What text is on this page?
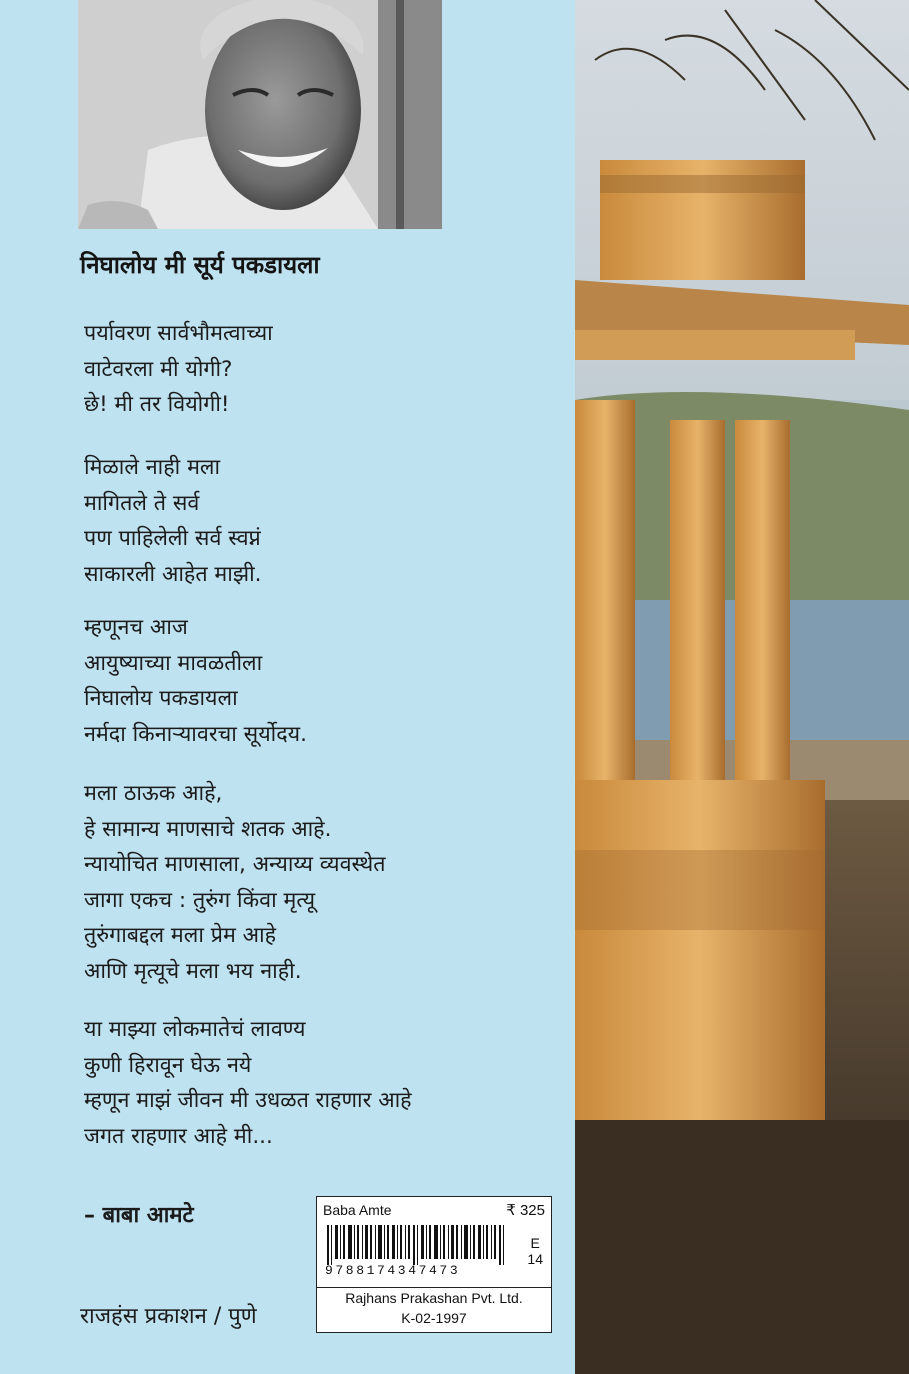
निघालोय मी सूर्य पकडायला
पर्यावरण सार्वभौमत्वाच्या
वाटेवरला मी योगी?
छे! मी तर वियोगी!
मिळाले नाही मला
मागितले ते सर्व
पण पाहिलेली सर्व स्वप्नं
साकारली आहेत माझी.
म्हणूनच आज
आयुष्याच्या मावळतीला
निघालोय पकडायला
नर्मदा किनाऱ्यावरचा सूर्योदय.
मला ठाऊक आहे,
हे सामान्य माणसाचे शतक आहे.
न्यायोचित माणसाला, अन्याय्य व्यवस्थेत
जागा एकच : तुरुंग किंवा मृत्यू
तुरुंगाबद्दल मला प्रेम आहे
आणि मृत्यूचे मला भय नाही.
या माझ्या लोकमातेचं लावण्य
कुणी हिरावून घेऊ नये
म्हणून माझं जीवन मी उधळत राहणार आहे
जगत राहणार आहे मी...
– बाबा आमटे
राजहंस प्रकाशन / पुणे
Baba Amte	₹ 325
9788174347473
E
14
Rajhans Prakashan Pvt. Ltd.
K-02-1997
